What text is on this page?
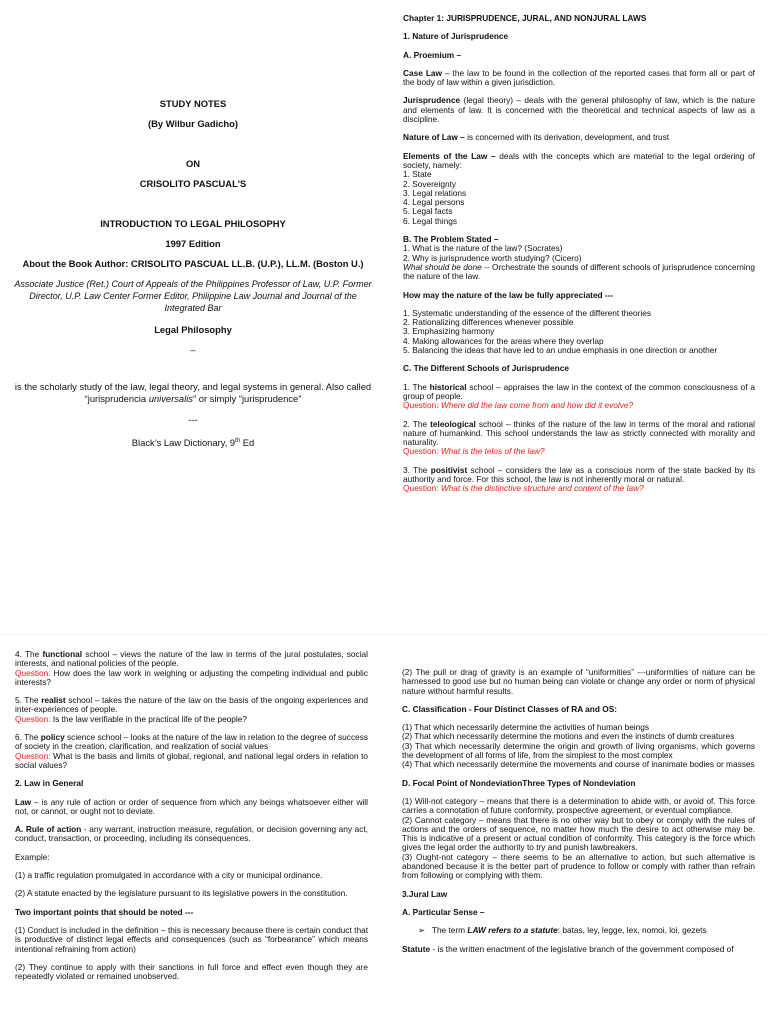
STUDY NOTES

(By Wilbur Gadicho)

ON

CRISOLITO PASCUAL'S

INTRODUCTION TO LEGAL PHILOSOPHY

1997 Edition

About the Book Author: CRISOLITO PASCUAL LL.B. (U.P.), LL.M. (Boston U.)

Associate Justice (Ret.) Court of Appeals of the Philippines Professor of Law, U.P. Former Director, U.P. Law Center Former Editor, Philippine Law Journal and Journal of the Integrated Bar

Legal Philosophy

–

is the scholarly study of the law, legal theory, and legal systems in general. Also called “jurisprudencia universalis” or simply “jurisprudence”

---

Black’s Law Dictionary, 9th Ed

Chapter 1: JURISPRUDENCE, JURAL, AND NONJURAL LAWS

1. Nature of Jurisprudence

A. Proemium –

Case Law – the law to be found in the collection of the reported cases that form all or part of the body of law within a given jurisdiction.

Jurisprudence (legal theory) – deals with the general philosophy of law, which is the nature and elements of law. It is concerned with the theoretical and technical aspects of law as a discipline.

Nature of Law – is concerned with its derivation, development, and trust

Elements of the Law – deals with the concepts which are material to the legal ordering of society, namely:

1. State
2. Sovereignty
3. Legal relations
4. Legal persons
5. Legal facts
6. Legal things

B. The Problem Stated –

1. What is the nature of the law? (Socrates)
2. Why is jurisprudence worth studying? (Cicero)
What should be done -- Orchestrate the sounds of different schools of jurisprudence concerning the nature of the law.

How may the nature of the law be fully appreciated ---

1. Systematic understanding of the essence of the different theories
2. Rationalizing differences whenever possible
3. Emphasizing harmony
4. Making allowances for the areas where they overlap
5. Balancing the ideas that have led to an undue emphasis in one direction or another

C. The Different Schools of Jurisprudence

1. The historical school – appraises the law in the context of the common consciousness of a group of people.
Question: Where did the law come from and how did it evolve?

2. The teleological school – thinks of the nature of the law in terms of the moral and rational nature of humankind. This school understands the law as strictly connected with morality and naturality.
Question: What is the telos of the law?

3. The positivist school – considers the law as a conscious norm of the state backed by its authority and force. For this school, the law is not inherently moral or natural.
Question: What is the distinctive structure and content of the law?

4. The functional school – views the nature of the law in terms of the jural postulates, social interests, and national policies of the people.
Question: How does the law work in weighing or adjusting the competing individual and public interests?

5. The realist school – takes the nature of the law on the basis of the ongoing experiences and inter-experiences of people.
Question: Is the law verifiable in the practical life of the people?

6. The policy science school – looks at the nature of the law in relation to the degree of success of society in the creation, clarification, and realization of social values
Question: What is the basis and limits of global, regional, and national legal orders in relation to social values?

2. Law in General

Law – is any rule of action or order of sequence from which any beings whatsoever either will not, or cannot, or ought not to deviate.

A. Rule of action - any warrant, instruction measure, regulation, or decision governing any act, conduct, transaction, or proceeding, including its consequences.

Example:

(1) a traffic regulation promulgated in accordance with a city or municipal ordinance.

(2) A statute enacted by the legislature pursuant to its legislative powers in the constitution.

Two important points that should be noted ---

(1) Conduct is included in the definition – this is necessary because there is certain conduct that is productive of distinct legal effects and consequences (such as “forbearance” which means intentional refraining from action)

(2) They continue to apply with their sanctions in full force and effect even though they are repeatedly violated or remained unobserved.

(2) The pull or drag of gravity is an example of “uniformities” ---uniformities of nature can be harnessed to good use but no human being can violate or change any order or norm of physical nature without harmful results.

C. Classification - Four Distinct Classes of RA and OS:

(1) That which necessarily determine the activities of human beings
(2) That which necessarily determine the motions and even the instincts of dumb creatures
(3) That which necessarily determine the origin and growth of living organisms, which governs the development of all forms of life, from the simplest to the most complex
(4) That which necessarily determine the movements and course of inanimate bodies or masses

D. Focal Point of NondeviationThree Types of Nondeviation

(1) Will-not category – means that there is a determination to abide with, or avoid of. This force carries a connotation of future conformity, prospective agreement, or eventual compliance.
(2) Cannot category – means that there is no other way but to obey or comply with the rules of actions and the orders of sequence, no matter how much the desire to act otherwise may be. This is indicative of a present or actual condition of conformity. This category is the force which gives the legal order the authority to try and punish lawbreakers.
(3) Ought-not category – there seems to be an alternative to action, but such alternative is abandoned because it is the better part of prudence to follow or comply with rather than refrain from following or complying with them.

3.Jural Law

A. Particular Sense –

➢ The term LAW refers to a statute: batas, ley, legge, lex, nomoi, loi, gezets

Statute - is the written enactment of the legislative branch of the government composed of
